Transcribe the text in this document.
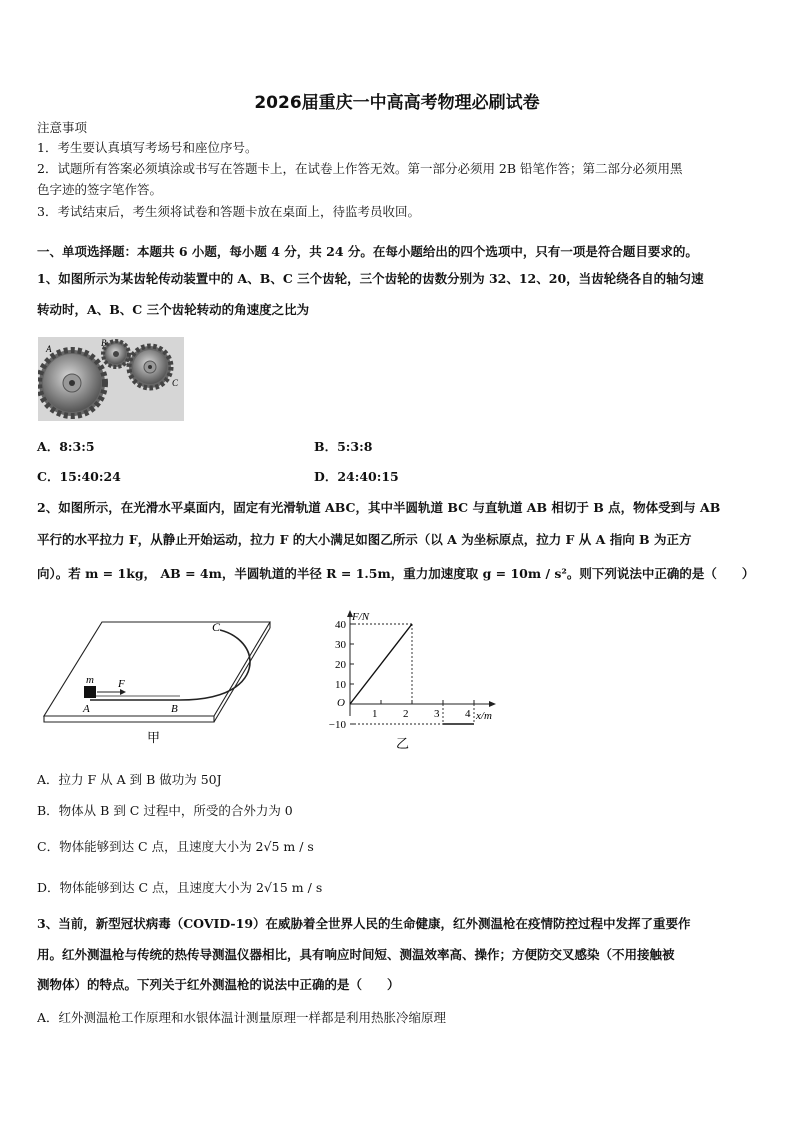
2026届重庆一中高高考物理必刷试卷
注意事项
1．考生要认真填写考场号和座位序号。
2．试题所有答案必须填涂或书写在答题卡上，在试卷上作答无效。第一部分必须用 2B 铅笔作答；第二部分必须用黑
色字迹的签字笔作答。
3．考试结束后，考生须将试卷和答题卡放在桌面上，待监考员收回。
一、单项选择题：本题共 6 小题，每小题 4 分，共 24 分。在每小题给出的四个选项中，只有一项是符合题目要求的。
1、如图所示为某齿轮传动装置中的 A、B、C 三个齿轮，三个齿轮的齿数分别为 32、12、20，当齿轮绕各自的轴匀速
转动时，A、B、C 三个齿轮转动的角速度之比为
A
B
C
A．8:3:5	B．5:3:8
C．15:40:24	D．24:40:15
2、如图所示，在光滑水平桌面内，固定有光滑轨道 ABC，其中半圆轨道 BC 与直轨道 AB 相切于 B 点，物体受到与 AB
平行的水平拉力 F，从静止开始运动，拉力 F 的大小满足如图乙所示（以 A 为坐标原点，拉力 F 从 A 指向 B 为正方
向）。若 m = 1kg， AB = 4m，半圆轨道的半径 R = 1.5m，重力加速度取 g = 10m / s²。则下列说法中正确的是（　　）
C
m F
A	B
甲
F/N
x/m
O
乙
40
30
20
10
−10
1 2 3 4
A．拉力 F 从 A 到 B 做功为 50J
B．物体从 B 到 C 过程中，所受的合外力为 0
C．物体能够到达 C 点，且速度大小为 2√5 m / s
D．物体能够到达 C 点，且速度大小为 2√15 m / s
3、当前，新型冠状病毒（COVID-19）在威胁着全世界人民的生命健康，红外测温枪在疫情防控过程中发挥了重要作
用。红外测温枪与传统的热传导测温仪器相比，具有响应时间短、测温效率高、操作；方便防交叉感染（不用接触被
测物体）的特点。下列关于红外测温枪的说法中正确的是（　　）
A．红外测温枪工作原理和水银体温计测量原理一样都是利用热胀冷缩原理
